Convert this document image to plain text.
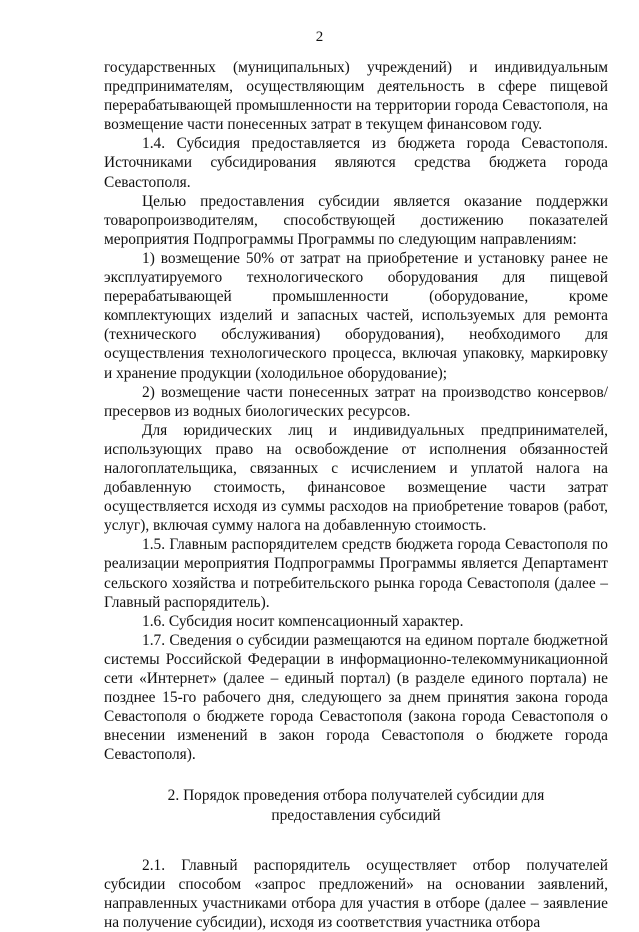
2

государственных (муниципальных) учреждений) и индивидуальным предпринимателям, осуществляющим деятельность в сфере пищевой перерабатывающей промышленности на территории города Севастополя, на возмещение части понесенных затрат в текущем финансовом году.

1.4. Субсидия предоставляется из бюджета города Севастополя. Источниками субсидирования являются средства бюджета города Севастополя.

Целью предоставления субсидии является оказание поддержки товаропроизводителям, способствующей достижению показателей мероприятия Подпрограммы Программы по следующим направлениям:

1) возмещение 50% от затрат на приобретение и установку ранее не эксплуатируемого технологического оборудования для пищевой перерабатывающей промышленности (оборудование, кроме комплектующих изделий и запасных частей, используемых для ремонта (технического обслуживания) оборудования), необходимого для осуществления технологического процесса, включая упаковку, маркировку и хранение продукции (холодильное оборудование);

2) возмещение части понесенных затрат на производство консервов/пресервов из водных биологических ресурсов.

Для юридических лиц и индивидуальных предпринимателей, использующих право на освобождение от исполнения обязанностей налогоплательщика, связанных с исчислением и уплатой налога на добавленную стоимость, финансовое возмещение части затрат осуществляется исходя из суммы расходов на приобретение товаров (работ, услуг), включая сумму налога на добавленную стоимость.

1.5. Главным распорядителем средств бюджета города Севастополя по реализации мероприятия Подпрограммы Программы является Департамент сельского хозяйства и потребительского рынка города Севастополя (далее – Главный распорядитель).

1.6. Субсидия носит компенсационный характер.

1.7. Сведения о субсидии размещаются на едином портале бюджетной системы Российской Федерации в информационно-телекоммуникационной сети «Интернет» (далее – единый портал) (в разделе единого портала) не позднее 15-го рабочего дня, следующего за днем принятия закона города Севастополя о бюджете города Севастополя (закона города Севастополя о внесении изменений в закон города Севастополя о бюджете города Севастополя).

2. Порядок проведения отбора получателей субсидии для
предоставления субсидий

2.1. Главный распорядитель осуществляет отбор получателей субсидии способом «запрос предложений» на основании заявлений, направленных участниками отбора для участия в отборе (далее – заявление на получение субсидии), исходя из соответствия участника отбора
